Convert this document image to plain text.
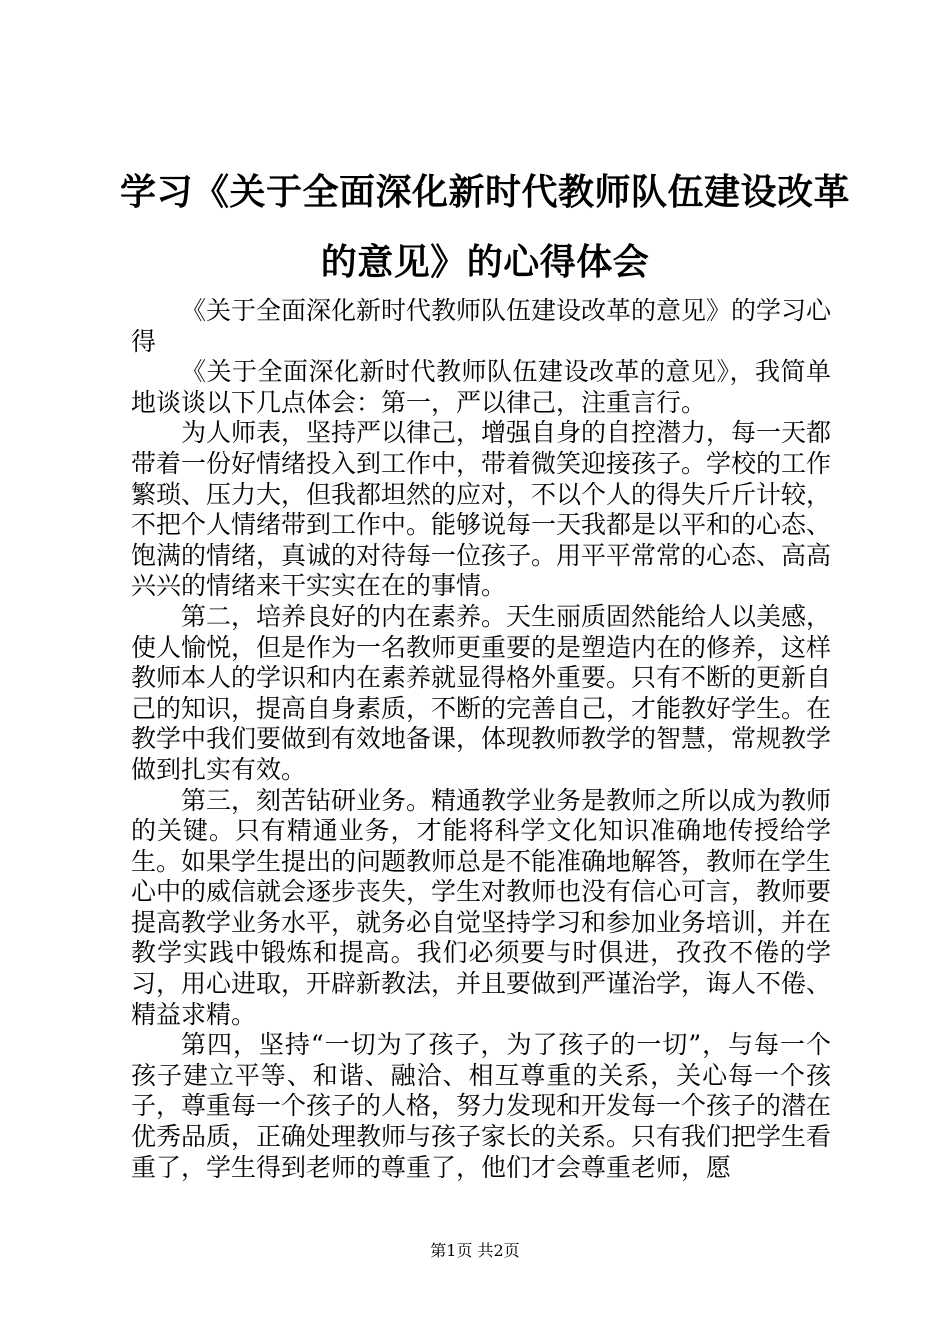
学习《关于全面深化新时代教师队伍建设改革
的意见》的心得体会

《关于全面深化新时代教师队伍建设改革的意见》的学习心得

《关于全面深化新时代教师队伍建设改革的意见》，我简单地谈谈以下几点体会：第一，严以律己，注重言行。

为人师表，坚持严以律己，增强自身的自控潜力，每一天都带着一份好情绪投入到工作中，带着微笑迎接孩子。学校的工作繁琐、压力大，但我都坦然的应对，不以个人的得失斤斤计较，不把个人情绪带到工作中。能够说每一天我都是以平和的心态、饱满的情绪，真诚的对待每一位孩子。用平平常常的心态、高高兴兴的情绪来干实实在在的事情。

第二，培养良好的内在素养。天生丽质固然能给人以美感，使人愉悦，但是作为一名教师更重要的是塑造内在的修养，这样教师本人的学识和内在素养就显得格外重要。只有不断的更新自己的知识，提高自身素质，不断的完善自己，才能教好学生。在教学中我们要做到有效地备课，体现教师教学的智慧，常规教学做到扎实有效。

第三，刻苦钻研业务。精通教学业务是教师之所以成为教师的关键。只有精通业务，才能将科学文化知识准确地传授给学生。如果学生提出的问题教师总是不能准确地解答，教师在学生心中的威信就会逐步丧失，学生对教师也没有信心可言，教师要提高教学业务水平，就务必自觉坚持学习和参加业务培训，并在教学实践中锻炼和提高。我们必须要与时俱进，孜孜不倦的学习，用心进取，开辟新教法，并且要做到严谨治学，诲人不倦、精益求精。

第四，坚持“一切为了孩子，为了孩子的一切”，与每一个孩子建立平等、和谐、融洽、相互尊重的关系，关心每一个孩子，尊重每一个孩子的人格，努力发现和开发每一个孩子的潜在优秀品质，正确处理教师与孩子家长的关系。只有我们把学生看重了，学生得到老师的尊重了，他们才会尊重老师，愿

第1页 共2页
